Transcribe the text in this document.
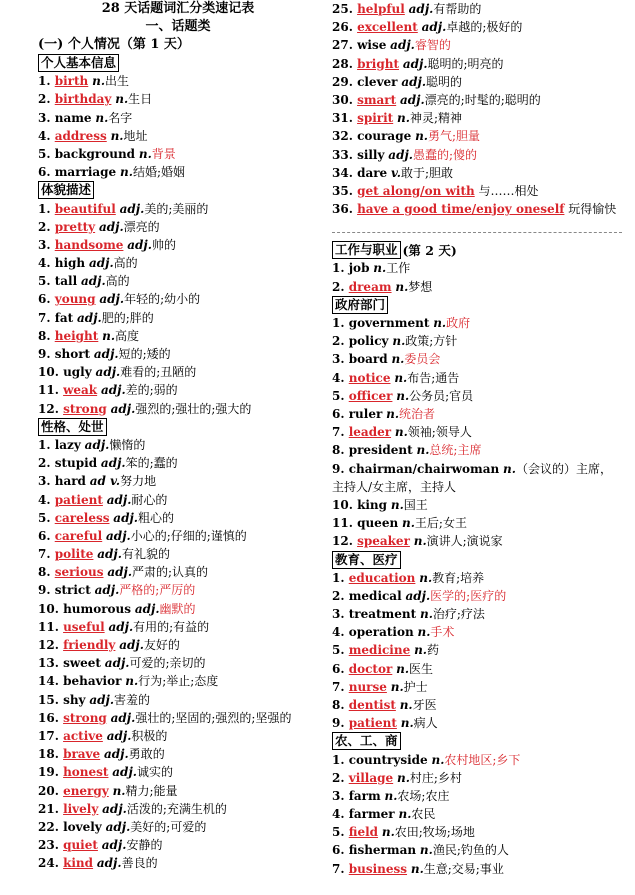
28 天话题词汇分类速记表
一、话题类
(一) 个人情况（第 1 天）
个人基本信息
1. birth n.出生
2. birthday n.生日
3. name n.名字
4. address n.地址
5. background n.背景
6. marriage n.结婚;婚姻
体貌描述
1. beautiful adj.美的;美丽的
2. pretty adj.漂亮的
3. handsome adj.帅的
4. high adj.高的
5. tall adj.高的
6. young adj.年轻的;幼小的
7. fat adj.肥的;胖的
8. height n.高度
9. short adj.短的;矮的
10. ugly adj.难看的;丑陋的
11. weak adj.差的;弱的
12. strong adj.强烈的;强壮的;强大的
性格、处世
1. lazy adj.懒惰的
2. stupid adj.笨的;蠢的
3. hard ad v.努力地
4. patient adj.耐心的
5. careless adj.粗心的
6. careful adj.小心的;仔细的;谨慎的
7. polite adj.有礼貌的
8. serious adj.严肃的;认真的
9. strict adj.严格的;严厉的
10. humorous adj.幽默的
11. useful adj.有用的;有益的
12. friendly adj.友好的
13. sweet adj.可爱的;亲切的
14. behavior n.行为;举止;态度
15. shy adj.害羞的
16. strong adj.强壮的;坚固的;强烈的;坚强的
17. active adj.积极的
18. brave adj.勇敢的
19. honest adj.诚实的
20. energy n.精力;能量
21. lively adj.活泼的;充满生机的
22. lovely adj.美好的;可爱的
23. quiet adj.安静的
24. kind adj.善良的
25. helpful adj.有帮助的
26. excellent adj.卓越的;极好的
27. wise adj.睿智的
28. bright adj.聪明的;明亮的
29. clever adj.聪明的
30. smart adj.漂亮的;时髦的;聪明的
31. spirit n.神灵;精神
32. courage n.勇气;胆量
33. silly adj.愚蠢的;傻的
34. dare v.敢于;胆敢
35. get along/on with 与……相处
36. have a good time/enjoy oneself 玩得愉快
工作与职业 (第 2 天)
1. job n.工作
2. dream n.梦想
政府部门
1. government n.政府
2. policy n.政策;方针
3. board n.委员会
4. notice n.布告;通告
5. officer n.公务员;官员
6. ruler n.统治者
7. leader n.领袖;领导人
8. president n.总统;主席
9. chairman/chairwoman n.（会议的）主席，主持人/女主席，主持人
10. king n.国王
11. queen n.王后;女王
12. speaker n.演讲人;演说家
教育、医疗
1. education n.教育;培养
2. medical adj.医学的;医疗的
3. treatment n.治疗;疗法
4. operation n.手术
5. medicine n.药
6. doctor n.医生
7. nurse n.护士
8. dentist n.牙医
9. patient n.病人
农、工、商
1. countryside n.农村地区;乡下
2. village n.村庄;乡村
3. farm n.农场;农庄
4. farmer n.农民
5. field n.农田;牧场;场地
6. fisherman n.渔民;钓鱼的人
7. business n.生意;交易;事业
